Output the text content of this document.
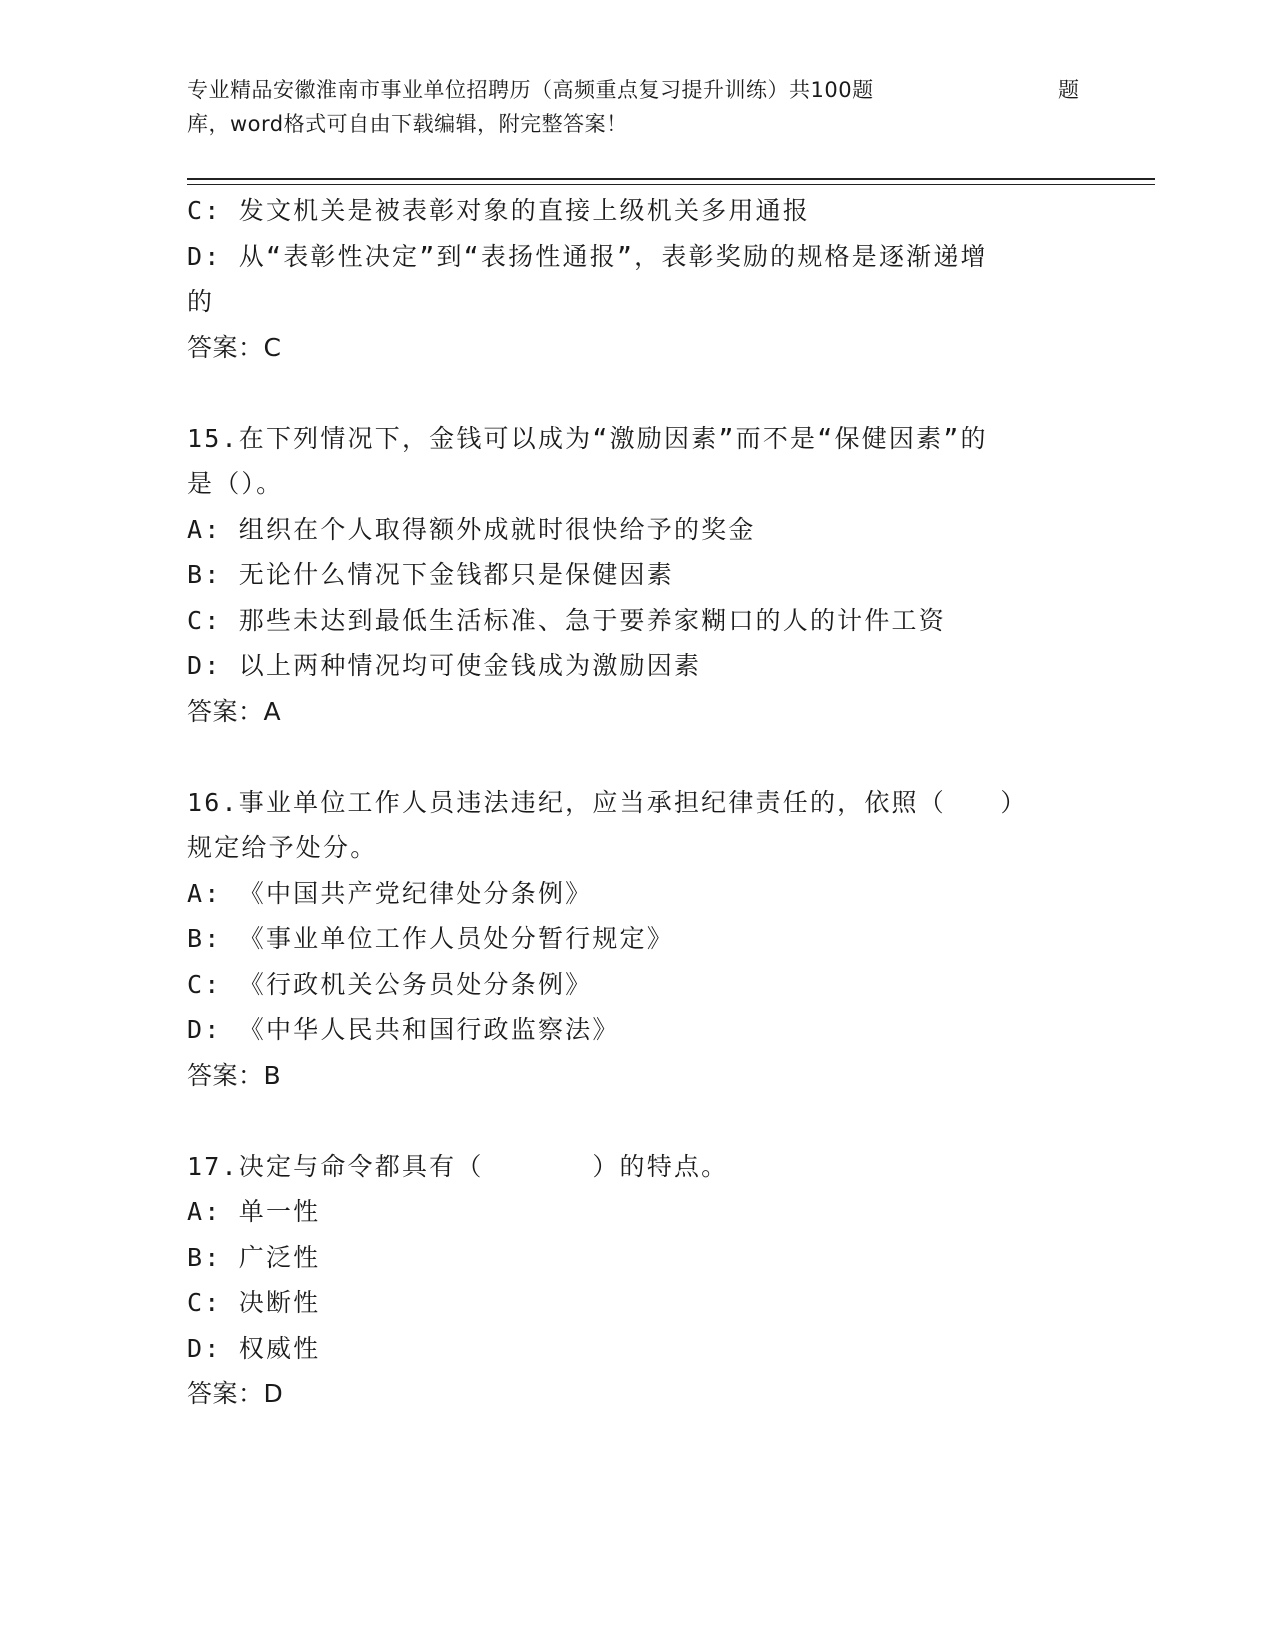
专业精品安徽淮南市事业单位招聘历（高频重点复习提升训练）共100题
库，word格式可自由下载编辑，附完整答案！
题
C: 发文机关是被表彰对象的直接上级机关多用通报
D: 从“表彰性决定”到“表扬性通报”，表彰奖励的规格是逐渐递增
的
答案：C
15.在下列情况下，金钱可以成为“激励因素”而不是“保健因素”的
是（）。
A: 组织在个人取得额外成就时很快给予的奖金
B: 无论什么情况下金钱都只是保健因素
C: 那些未达到最低生活标准、急于要养家糊口的人的计件工资
D: 以上两种情况均可使金钱成为激励因素
答案：A
16.事业单位工作人员违法违纪，应当承担纪律责任的，依照（　　）
规定给予处分。
A: 《中国共产党纪律处分条例》
B: 《事业单位工作人员处分暂行规定》
C: 《行政机关公务员处分条例》
D: 《中华人民共和国行政监察法》
答案：B
17.决定与命令都具有（　　　　）的特点。
A: 单一性
B: 广泛性
C: 决断性
D: 权威性
答案：D
